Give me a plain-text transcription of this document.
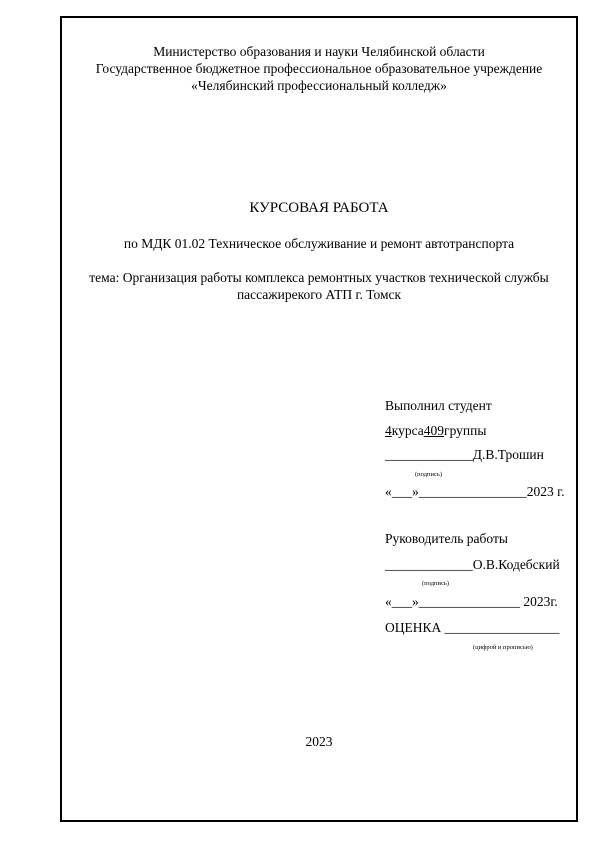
Министерство образования и науки Челябинской области
Государственное бюджетное профессиональное образовательное учреждение
«Челябинский профессиональный колледж»
КУРСОВАЯ РАБОТА
по МДК 01.02 Техническое обслуживание и ремонт автотранспорта
тема: Организация работы комплекса ремонтных участков технической службы
пассажирекого АТП г. Томск
Выполнил студент
4курса409группы
_____________Д.В.Трошин
(подпись)
«___»________________2023 г.
Руководитель работы
_____________О.В.Кодебский
(подпись)
«___»_______________ 2023г.
ОЦЕНКА _________________
(цифрой и прописью)
2023
